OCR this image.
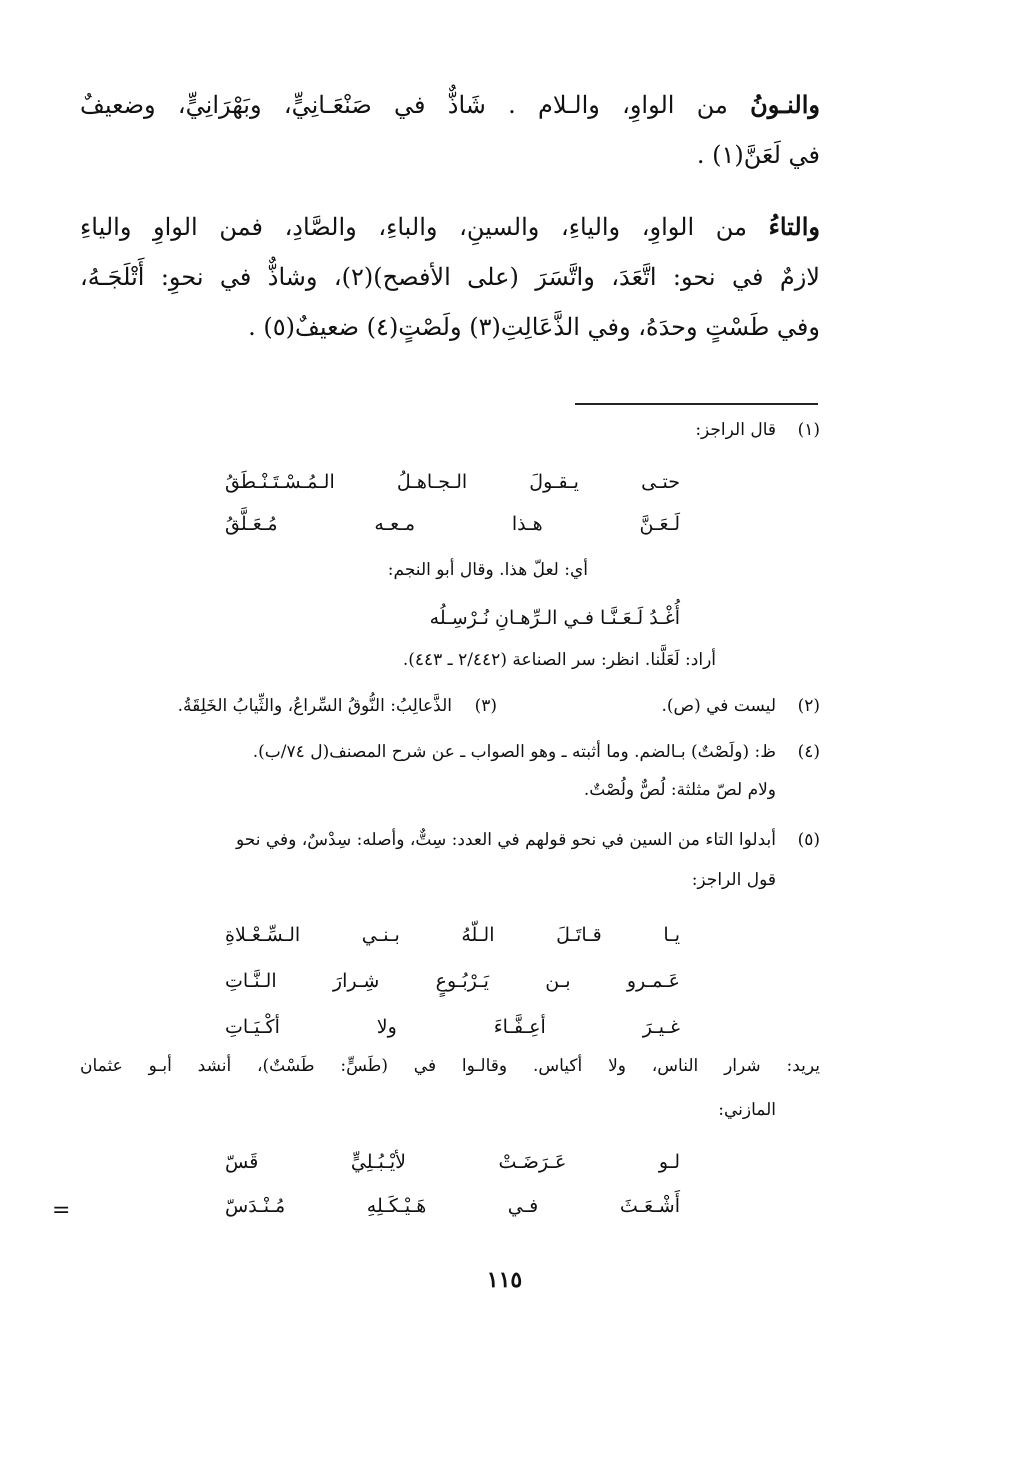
والنـونُ من الواوِ، والـلام . شَاذٌّ في صَنْعَـانِيٍّ، وبَهْرَانِيٍّ، وضعيفٌ
في لَعَنَّ(١) .
والتاءُ من الواوِ، والياءِ، والسينِ، والباءِ، والصَّادِ، فمن الواوِ والياءِ
لازمٌ في نحو: اتَّعَدَ، واتَّسَرَ (على الأفصح)(٢)، وشاذٌّ في نحوِ: أَتْلَجَـهُ،
وفي طَسْتٍ وحدَهُ، وفي الذَّعَالِتِ(٣) ولَصْتٍ(٤) ضعيفٌ(٥) .
(١)
قال الراجز:
حتـى
يـقـولَ
الـجـاهـلُ
الـمُـسْـتَـنْـطَقُ
لَـعَـنَّ
هـذا
مـعـه
مُـعَـلَّقُ
أي: لعلّ هذا. وقال أبو النجم:
أُغْـدُ لَـعَـنَّـا فـي الـرِّهـانِ نُـرْسِـلُه
أراد: لَعَلَّنا. انظر: سر الصناعة (٢/٤٤٢ ـ ٤٤٣).
(٢)
ليست في (ص).
(٣)
الذَّعالِبُ: النُّوقُ السِّراعُ، والثِّيابُ الخَلِقَةُ.
(٤)
ظ: (ولَصْتٌ) بـالضم. وما أثبته ـ وهو الصواب ـ عن شرح المصنف(ل ٧٤/ب).
ولام لصّ مثلثة: لُصٌّ ولُصْتٌ.
(٥)
أبدلوا التاء من السين في نحو قولهم في العدد: سِتٌّ، وأصله: سِدْسٌ، وفي نحو
قول الراجز:
يـا
قـاتَـلَ
الـلّهُ
بـنـي
الـسِّـعْـلاةِ
عَـمـرو
بـن
يَـرْبُـوعٍ
شِـرارَ
الـنَّـاتِ
غـيـرَ
أعِـفَّـاءَ
ولا
أكْـيَـاتِ
يريد: شرار الناس، ولا أكياس. وقالـوا في (طَسٍّ: طَسْتٌ)، أنشد أبـو عثمان
المازني:
لـو
عَـرَضَـتْ
لأيْـبُـلِيٍّ
قَسّ
أَشْـعَـثَ
فـي
هَـيْـكَـلِهِ
مُـنْـدَسّ
=
١١٥
